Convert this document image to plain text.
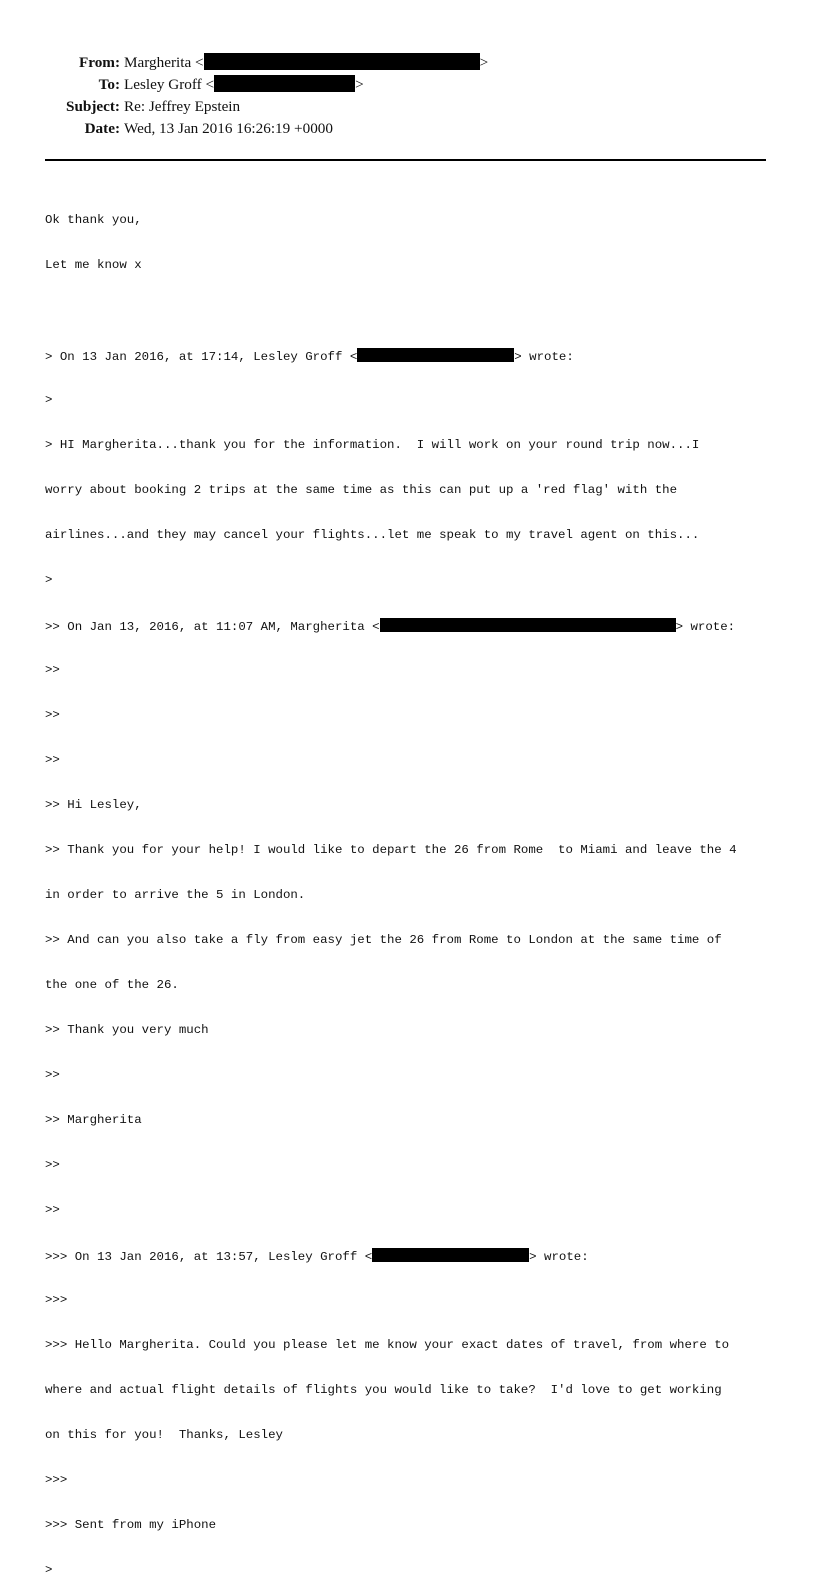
From: Margherita <	>
To: Lesley Groff <	>
Subject: Re: Jeffrey Epstein
Date: Wed, 13 Jan 2016 16:26:19 +0000

Ok thank you,

Let me know x

> On 13 Jan 2016, at 17:14, Lesley Groff <	> wrote:

>

> HI Margherita...thank you for the information.  I will work on your round trip now...I

worry about booking 2 trips at the same time as this can put up a 'red flag' with the

airlines...and they may cancel your flights...let me speak to my travel agent on this...

>

>> On Jan 13, 2016, at 11:07 AM, Margherita <	> wrote:

>>

>>

>>

>> Hi Lesley,

>> Thank you for your help! I would like to depart the 26 from Rome  to Miami and leave the 4

in order to arrive the 5 in London.

>> And can you also take a fly from easy jet the 26 from Rome to London at the same time of

the one of the 26.

>> Thank you very much

>>

>> Margherita

>>

>>

>>> On 13 Jan 2016, at 13:57, Lesley Groff <	> wrote:

>>>

>>> Hello Margherita. Could you please let me know your exact dates of travel, from where to

where and actual flight details of flights you would like to take?  I'd love to get working

on this for you!  Thanks, Lesley

>>>

>>> Sent from my iPhone

>
